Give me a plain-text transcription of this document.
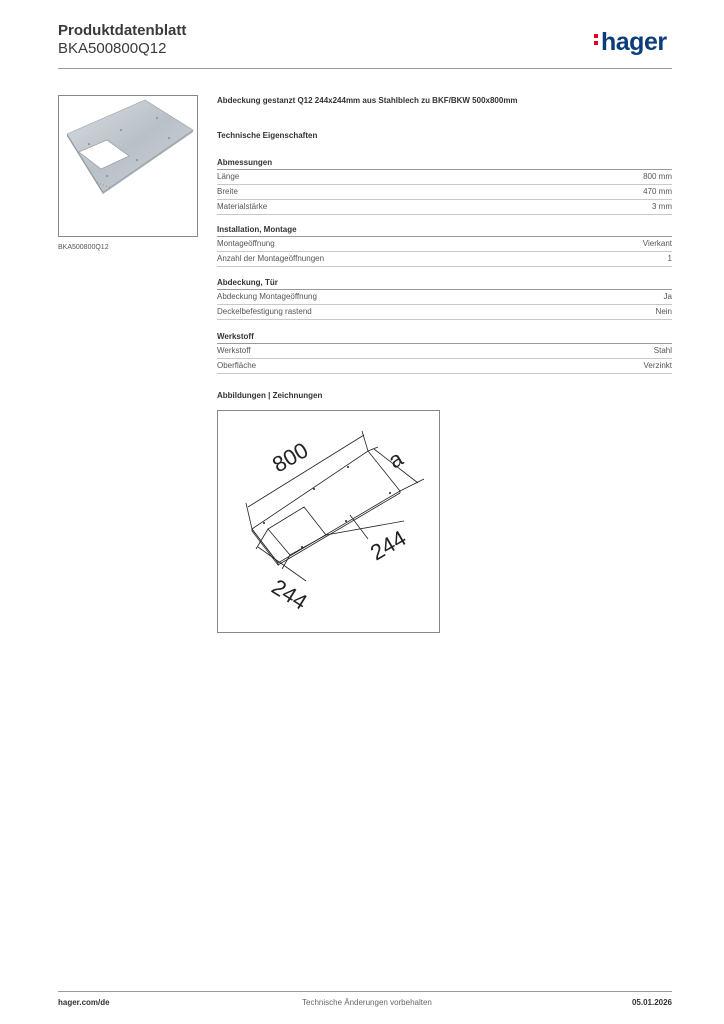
Produktdatenblatt
BKA500800Q12	hager
BKA500800Q12
Abdeckung gestanzt Q12 244x244mm aus Stahlblech zu BKF/BKW 500x800mm
Technische Eigenschaften
Abmessungen
Länge	800 mm
Breite	470 mm
Materialstärke	3 mm
Installation, Montage
Montageöffnung	Vierkant
Anzahl der Montageöffnungen	1
Abdeckung, Tür
Abdeckung Montageöffnung	Ja
Deckelbefestigung rastend	Nein
Werkstoff
Werkstoff	Stahl
Oberfläche	Verzinkt
Abbildungen | Zeichnungen
800	a
244
244
hager.com/de	Technische Änderungen vorbehalten	05.01.2026
